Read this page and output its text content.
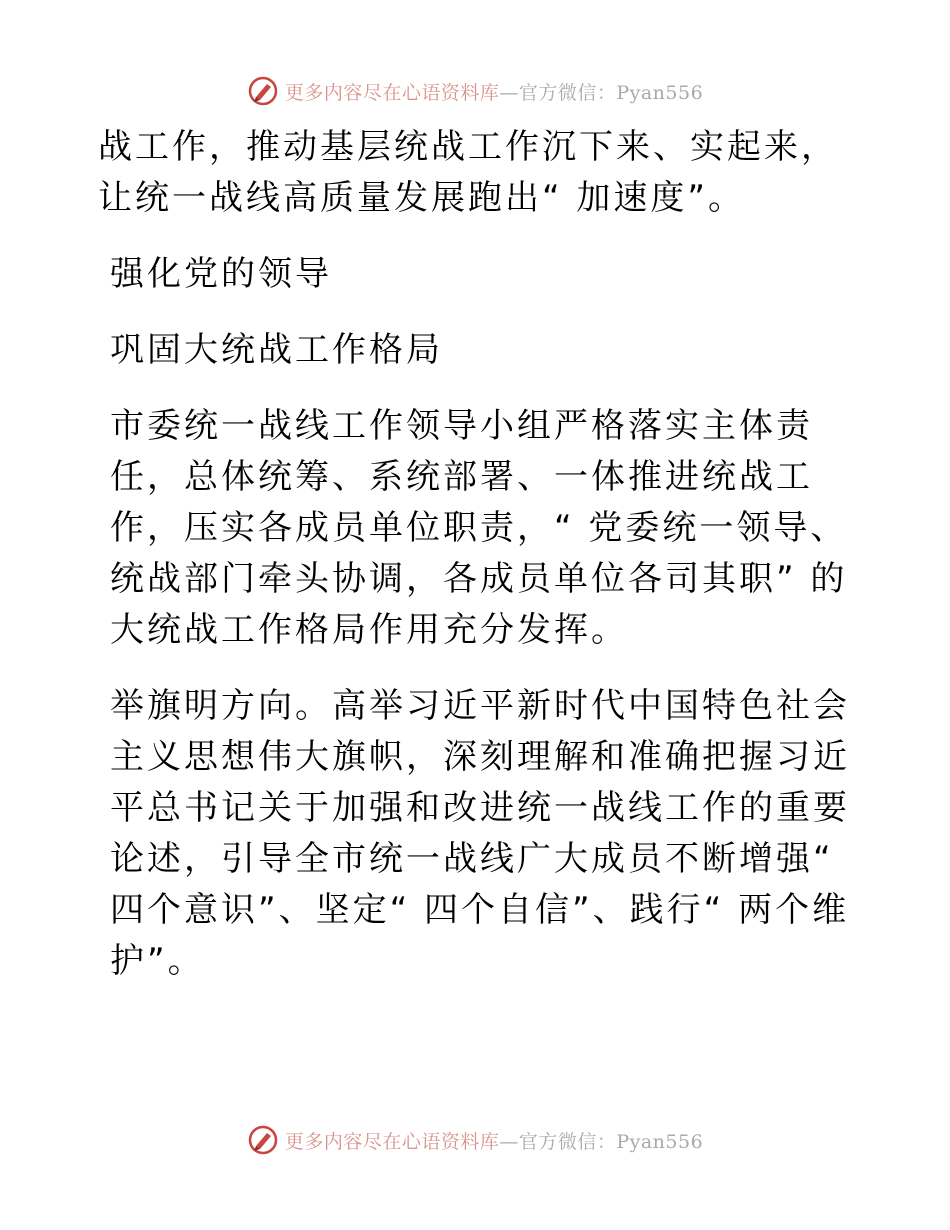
更多内容尽在心语资料库—官方微信：Pyan556

战工作，推动基层统战工作沉下来、实起来，让统一战线高质量发展跑出“ 加速度”。

强化党的领导

巩固大统战工作格局

市委统一战线工作领导小组严格落实主体责任，总体统筹、系统部署、一体推进统战工作，压实各成员单位职责，“ 党委统一领导、统战部门牵头协调，各成员单位各司其职” 的大统战工作格局作用充分发挥。

举旗明方向。高举习近平新时代中国特色社会主义思想伟大旗帜，深刻理解和准确把握习近平总书记关于加强和改进统一战线工作的重要论述，引导全市统一战线广大成员不断增强“ 四个意识”、坚定“ 四个自信”、践行“ 两个维护”。

更多内容尽在心语资料库—官方微信：Pyan556
